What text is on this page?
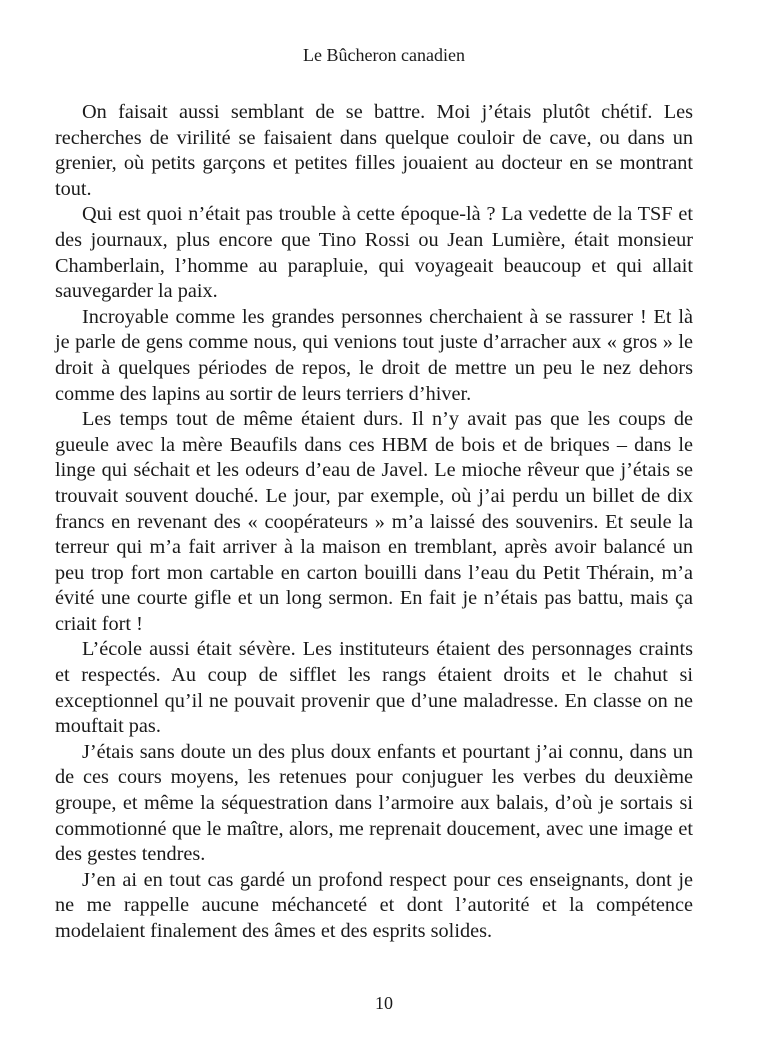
Le Bûcheron canadien

On faisait aussi semblant de se battre. Moi j’étais plutôt chétif. Les recherches de virilité se faisaient dans quelque couloir de cave, ou dans un grenier, où petits garçons et petites filles jouaient au docteur en se montrant tout.

Qui est quoi n’était pas trouble à cette époque-là ? La vedette de la TSF et des journaux, plus encore que Tino Rossi ou Jean Lumière, était monsieur Chamberlain, l’homme au parapluie, qui voyageait beaucoup et qui allait sauvegarder la paix.

Incroyable comme les grandes personnes cherchaient à se rassurer ! Et là je parle de gens comme nous, qui venions tout juste d’arracher aux « gros » le droit à quelques périodes de repos, le droit de mettre un peu le nez dehors comme des lapins au sortir de leurs terriers d’hiver.

Les temps tout de même étaient durs. Il n’y avait pas que les coups de gueule avec la mère Beaufils dans ces HBM de bois et de briques – dans le linge qui séchait et les odeurs d’eau de Javel. Le mioche rêveur que j’étais se trouvait souvent douché. Le jour, par exemple, où j’ai perdu un billet de dix francs en revenant des « coopérateurs » m’a laissé des souvenirs. Et seule la terreur qui m’a fait arriver à la maison en tremblant, après avoir balancé un peu trop fort mon cartable en carton bouilli dans l’eau du Petit Thérain, m’a évité une courte gifle et un long sermon. En fait je n’étais pas battu, mais ça criait fort !

L’école aussi était sévère. Les instituteurs étaient des personnages craints et respectés. Au coup de sifflet les rangs étaient droits et le chahut si exceptionnel qu’il ne pouvait provenir que d’une maladresse. En classe on ne mouftait pas.

J’étais sans doute un des plus doux enfants et pourtant j’ai connu, dans un de ces cours moyens, les retenues pour conjuguer les verbes du deuxième groupe, et même la séquestration dans l’armoire aux balais, d’où je sortais si commotionné que le maître, alors, me reprenait doucement, avec une image et des gestes tendres.

J’en ai en tout cas gardé un profond respect pour ces enseignants, dont je ne me rappelle aucune méchanceté et dont l’autorité et la compétence modelaient finalement des âmes et des esprits solides.

10
